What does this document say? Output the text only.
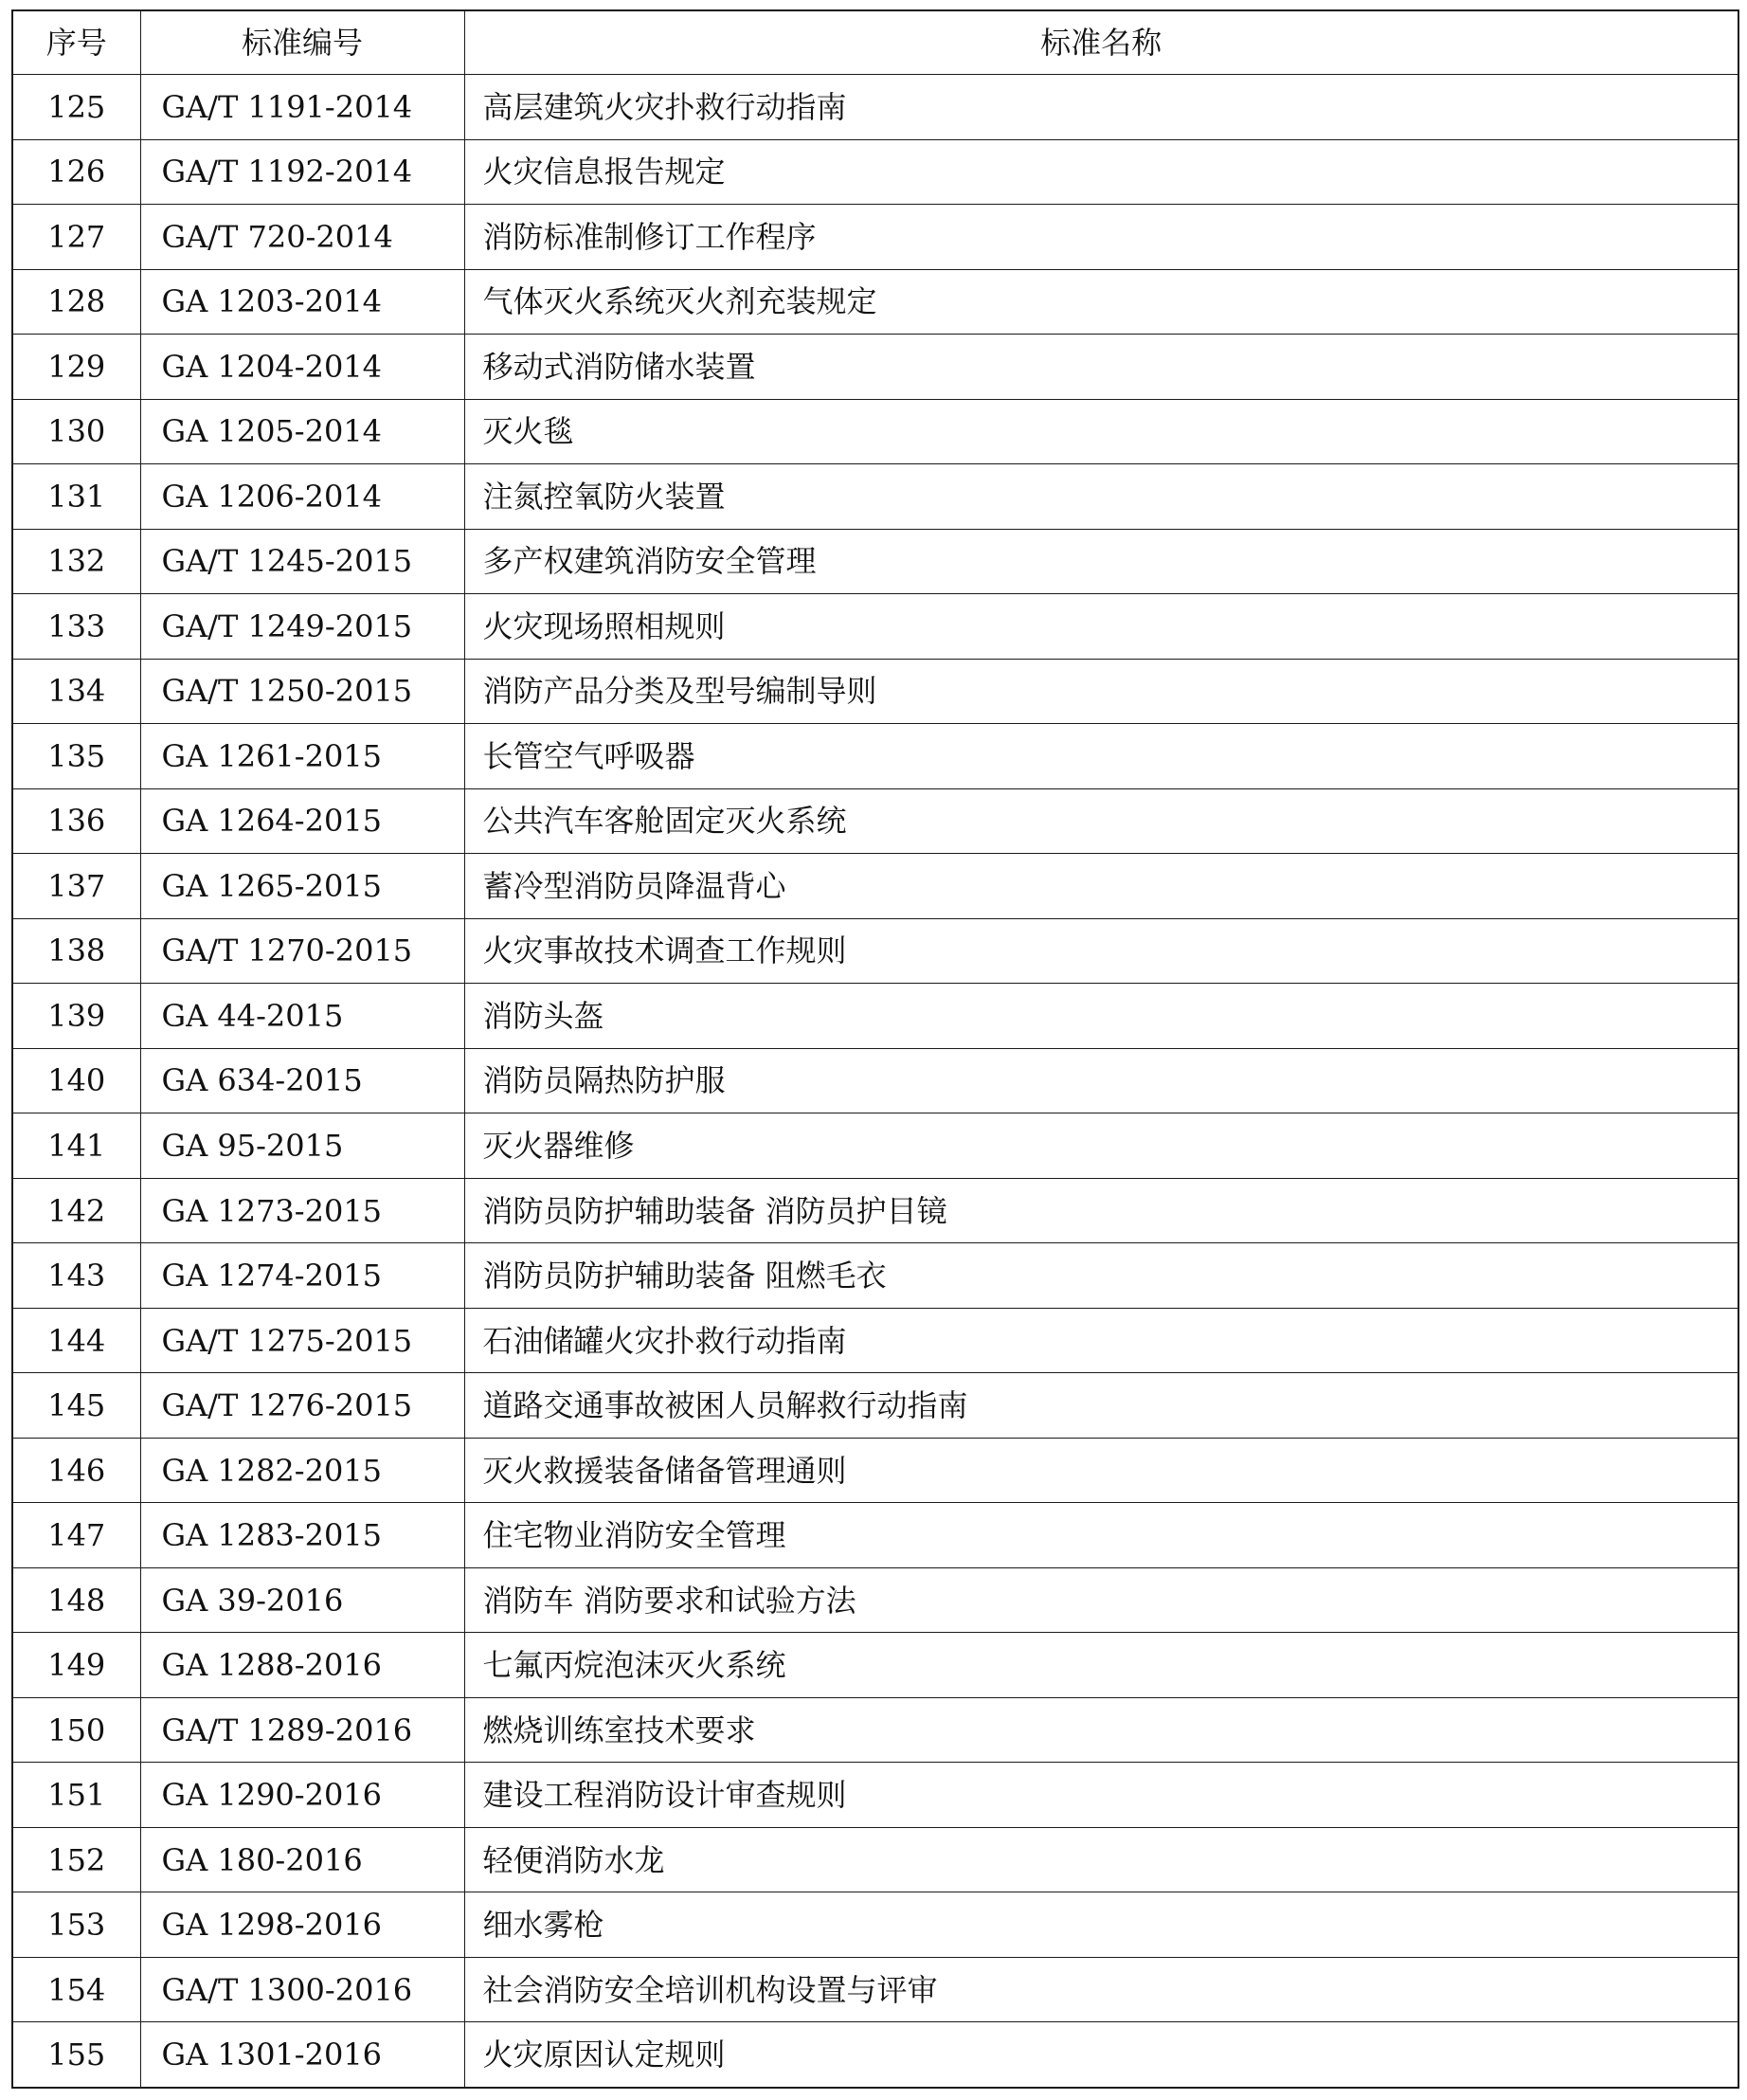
序号	标准编号	标准名称
125	GA/T 1191-2014	高层建筑火灾扑救行动指南
126	GA/T 1192-2014	火灾信息报告规定
127	GA/T 720-2014	消防标准制修订工作程序
128	GA 1203-2014	气体灭火系统灭火剂充装规定
129	GA 1204-2014	移动式消防储水装置
130	GA 1205-2014	灭火毯
131	GA 1206-2014	注氮控氧防火装置
132	GA/T 1245-2015	多产权建筑消防安全管理
133	GA/T 1249-2015	火灾现场照相规则
134	GA/T 1250-2015	消防产品分类及型号编制导则
135	GA 1261-2015	长管空气呼吸器
136	GA 1264-2015	公共汽车客舱固定灭火系统
137	GA 1265-2015	蓄冷型消防员降温背心
138	GA/T 1270-2015	火灾事故技术调查工作规则
139	GA 44-2015	消防头盔
140	GA 634-2015	消防员隔热防护服
141	GA 95-2015	灭火器维修
142	GA 1273-2015	消防员防护辅助装备 消防员护目镜
143	GA 1274-2015	消防员防护辅助装备 阻燃毛衣
144	GA/T 1275-2015	石油储罐火灾扑救行动指南
145	GA/T 1276-2015	道路交通事故被困人员解救行动指南
146	GA 1282-2015	灭火救援装备储备管理通则
147	GA 1283-2015	住宅物业消防安全管理
148	GA 39-2016	消防车 消防要求和试验方法
149	GA 1288-2016	七氟丙烷泡沫灭火系统
150	GA/T 1289-2016	燃烧训练室技术要求
151	GA 1290-2016	建设工程消防设计审查规则
152	GA 180-2016	轻便消防水龙
153	GA 1298-2016	细水雾枪
154	GA/T 1300-2016	社会消防安全培训机构设置与评审
155	GA 1301-2016	火灾原因认定规则
